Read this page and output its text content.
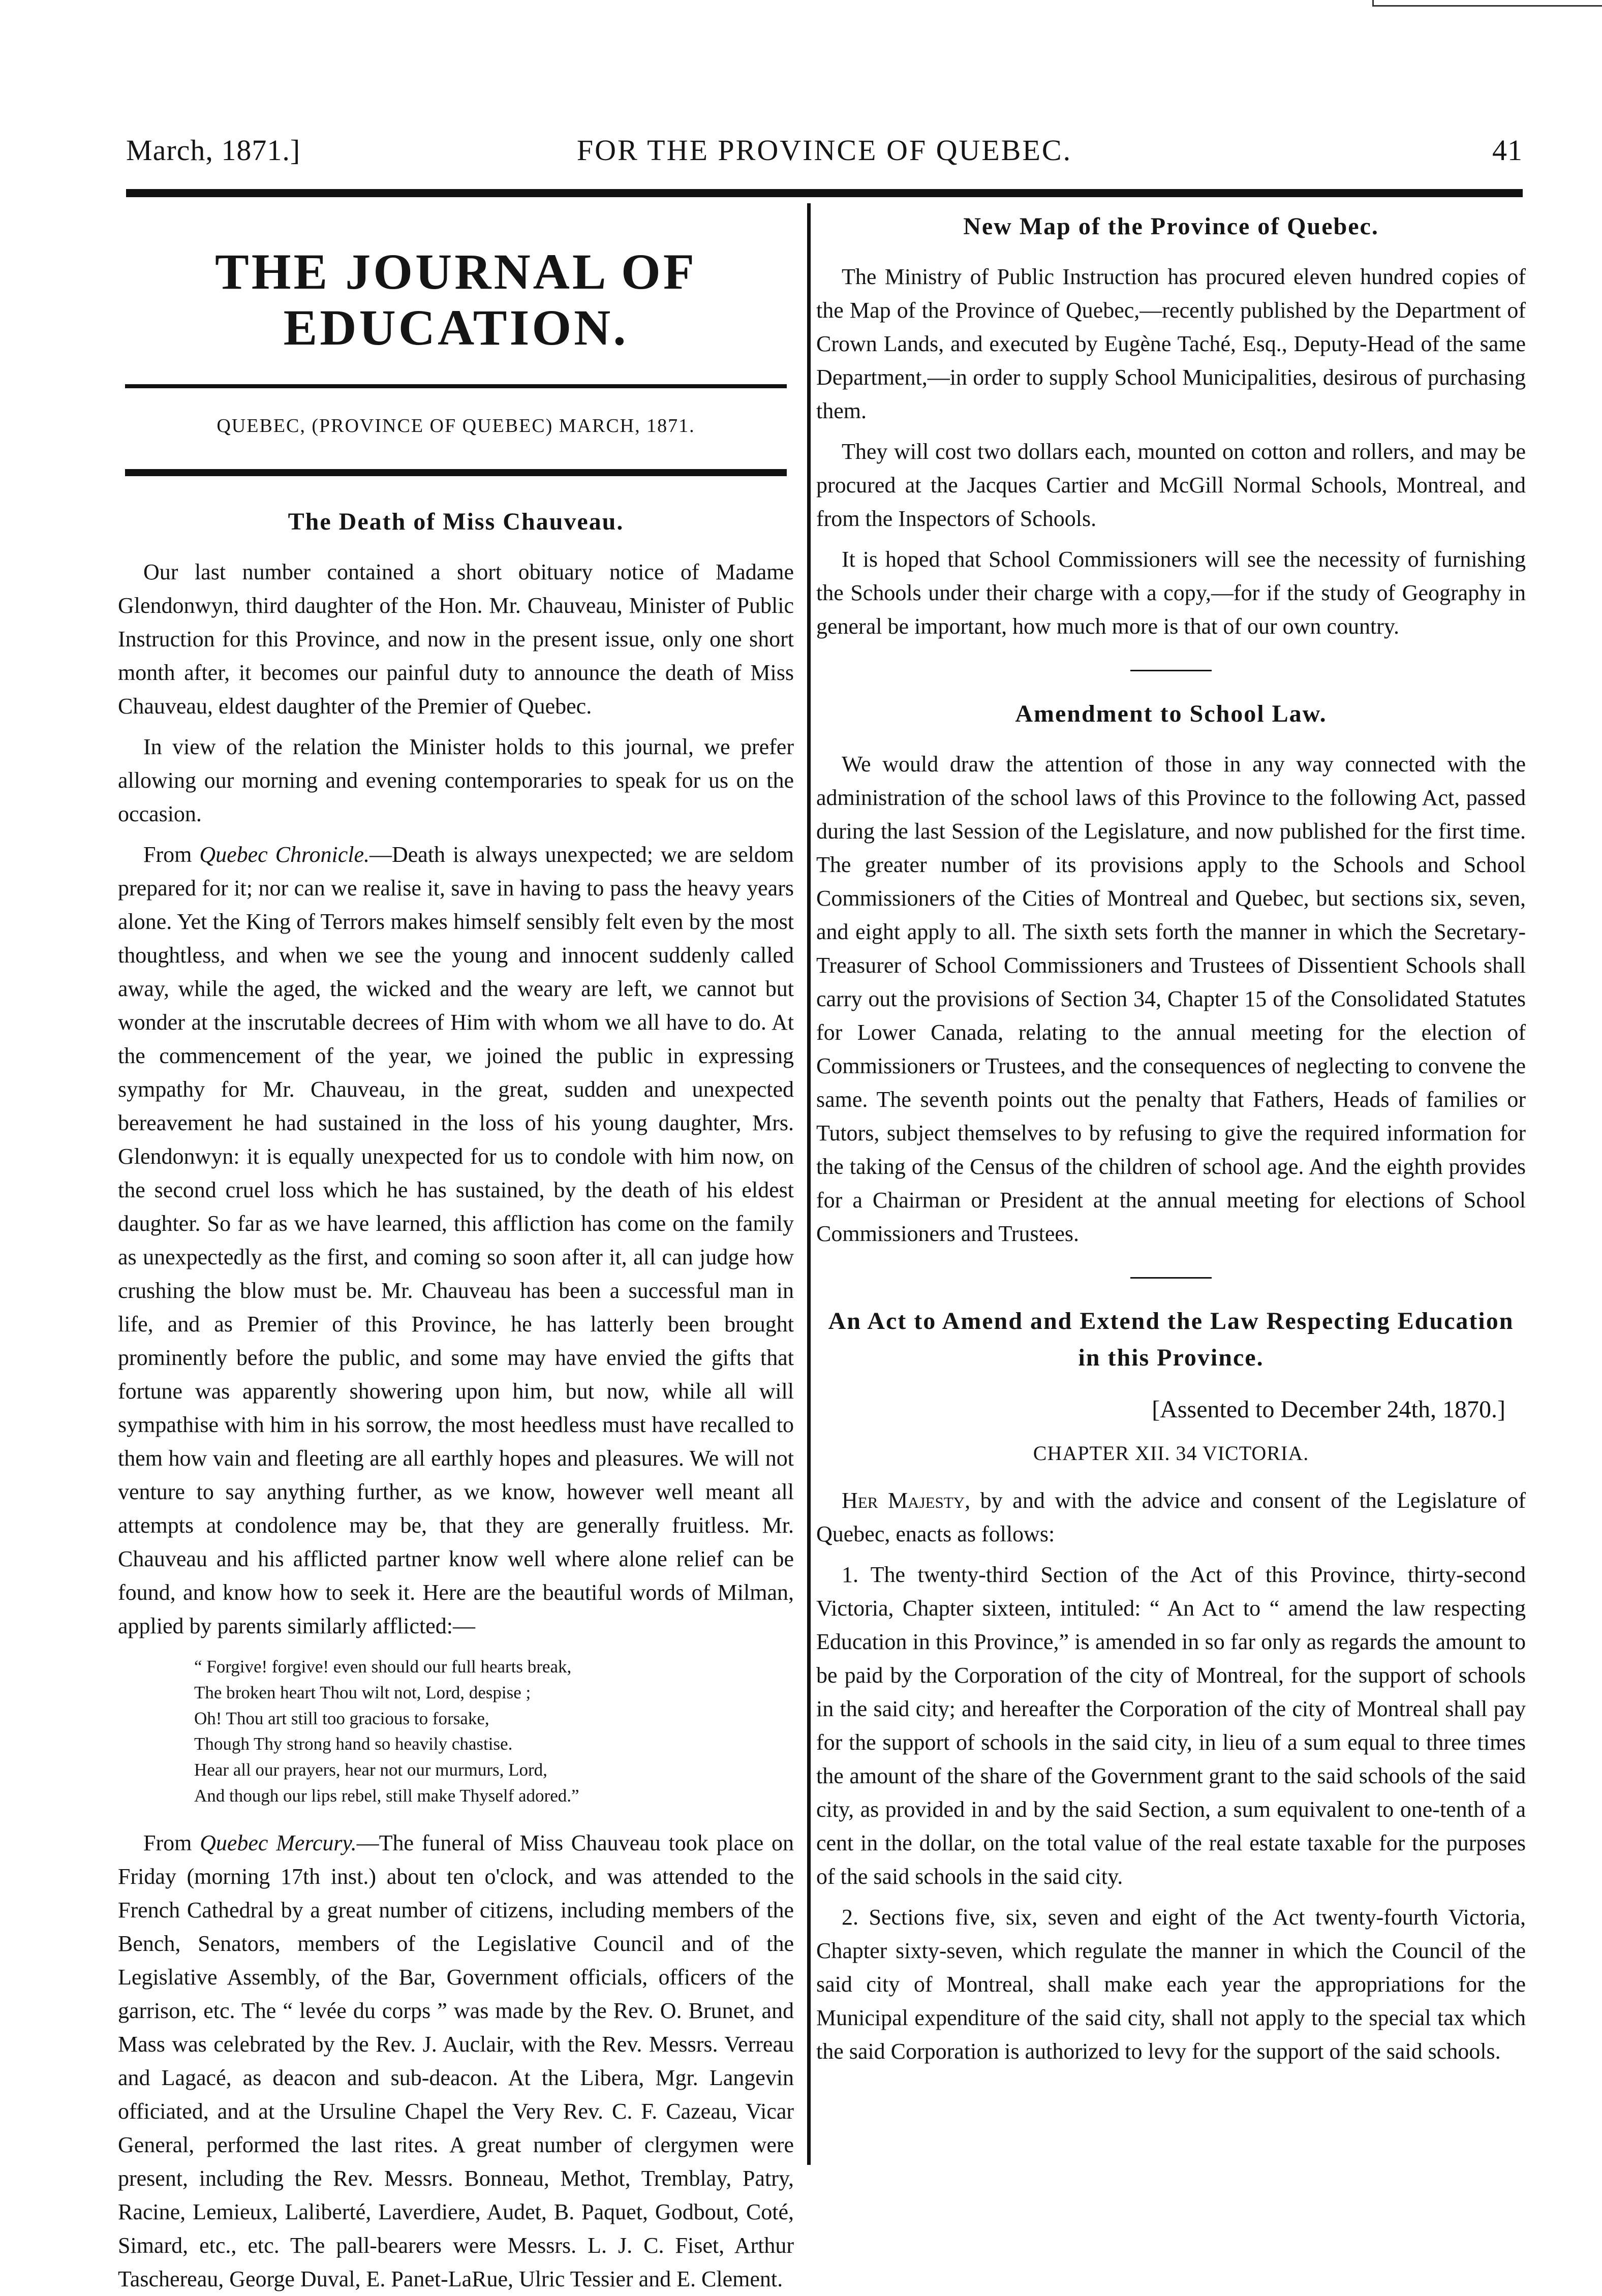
March, 1871.]	FOR THE PROVINCE OF QUEBEC.	41
THE JOURNAL OF EDUCATION.
QUEBEC, (PROVINCE OF QUEBEC) MARCH, 1871.
The Death of Miss Chauveau.

Our last number contained a short obituary notice of Madame Glendonwyn, third daughter of the Hon. Mr. Chauveau, Minister of Public Instruction for this Province, and now in the present issue, only one short month after, it becomes our painful duty to announce the death of Miss Chauveau, eldest daughter of the Premier of Quebec.

In view of the relation the Minister holds to this journal, we prefer allowing our morning and evening contemporaries to speak for us on the occasion.

From Quebec Chronicle.—Death is always unexpected; we are seldom prepared for it; nor can we realise it, save in having to pass the heavy years alone. Yet the King of Terrors makes himself sensibly felt even by the most thoughtless, and when we see the young and innocent suddenly called away, while the aged, the wicked and the weary are left, we cannot but wonder at the inscrutable decrees of Him with whom we all have to do. At the commencement of the year, we joined the public in expressing sympathy for Mr. Chauveau, in the great, sudden and unexpected bereavement he had sustained in the loss of his young daughter, Mrs. Glendonwyn: it is equally unexpected for us to condole with him now, on the second cruel loss which he has sustained, by the death of his eldest daughter. So far as we have learned, this affliction has come on the family as unexpectedly as the first, and coming so soon after it, all can judge how crushing the blow must be. Mr. Chauveau has been a successful man in life, and as Premier of this Province, he has latterly been brought prominently before the public, and some may have envied the gifts that fortune was apparently showering upon him, but now, while all will sympathise with him in his sorrow, the most heedless must have recalled to them how vain and fleeting are all earthly hopes and pleasures. We will not venture to say anything further, as we know, however well meant all attempts at condolence may be, that they are generally fruitless. Mr. Chauveau and his afflicted partner know well where alone relief can be found, and know how to seek it. Here are the beautiful words of Milman, applied by parents similarly afflicted:—

“ Forgive! forgive! even should our full hearts break,
The broken heart Thou wilt not, Lord, despise ;
Oh! Thou art still too gracious to forsake,
Though Thy strong hand so heavily chastise.
Hear all our prayers, hear not our murmurs, Lord,
And though our lips rebel, still make Thyself adored.”

From Quebec Mercury.—The funeral of Miss Chauveau took place on Friday (morning 17th inst.) about ten o'clock, and was attended to the French Cathedral by a great number of citizens, including members of the Bench, Senators, members of the Legislative Council and of the Legislative Assembly, of the Bar, Government officials, officers of the garrison, etc. The “ levée du corps ” was made by the Rev. O. Brunet, and Mass was celebrated by the Rev. J. Auclair, with the Rev. Messrs. Verreau and Lagacé, as deacon and sub-deacon. At the Libera, Mgr. Langevin officiated, and at the Ursuline Chapel the Very Rev. C. F. Cazeau, Vicar General, performed the last rites. A great number of clergymen were present, including the Rev. Messrs. Bonneau, Methot, Tremblay, Patry, Racine, Lemieux, Laliberté, Laverdiere, Audet, B. Paquet, Godbout, Coté, Simard, etc., etc. The pall-bearers were Messrs. L. J. C. Fiset, Arthur Taschereau, George Duval, E. Panet-LaRue, Ulric Tessier and E. Clement.

New Map of the Province of Quebec.

The Ministry of Public Instruction has procured eleven hundred copies of the Map of the Province of Quebec,—recently published by the Department of Crown Lands, and executed by Eugène Taché, Esq., Deputy-Head of the same Department,—in order to supply School Municipalities, desirous of purchasing them.

They will cost two dollars each, mounted on cotton and rollers, and may be procured at the Jacques Cartier and McGill Normal Schools, Montreal, and from the Inspectors of Schools.

It is hoped that School Commissioners will see the necessity of furnishing the Schools under their charge with a copy,—for if the study of Geography in general be important, how much more is that of our own country.

Amendment to School Law.

We would draw the attention of those in any way connected with the administration of the school laws of this Province to the following Act, passed during the last Session of the Legislature, and now published for the first time. The greater number of its provisions apply to the Schools and School Commissioners of the Cities of Montreal and Quebec, but sections six, seven, and eight apply to all. The sixth sets forth the manner in which the Secretary-Treasurer of School Commissioners and Trustees of Dissentient Schools shall carry out the provisions of Section 34, Chapter 15 of the Consolidated Statutes for Lower Canada, relating to the annual meeting for the election of Commissioners or Trustees, and the consequences of neglecting to convene the same. The seventh points out the penalty that Fathers, Heads of families or Tutors, subject themselves to by refusing to give the required information for the taking of the Census of the children of school age. And the eighth provides for a Chairman or President at the annual meeting for elections of School Commissioners and Trustees.

An Act to Amend and Extend the Law Respecting Education in this Province.
[Assented to December 24th, 1870.]
CHAPTER XII. 34 VICTORIA.

Her Majesty, by and with the advice and consent of the Legislature of Quebec, enacts as follows:

1. The twenty-third Section of the Act of this Province, thirty-second Victoria, Chapter sixteen, intituled: “ An Act to “ amend the law respecting Education in this Province,” is amended in so far only as regards the amount to be paid by the Corporation of the city of Montreal, for the support of schools in the said city; and hereafter the Corporation of the city of Montreal shall pay for the support of schools in the said city, in lieu of a sum equal to three times the amount of the share of the Government grant to the said schools of the said city, as provided in and by the said Section, a sum equivalent to one-tenth of a cent in the dollar, on the total value of the real estate taxable for the purposes of the said schools in the said city.

2. Sections five, six, seven and eight of the Act twenty-fourth Victoria, Chapter sixty-seven, which regulate the manner in which the Council of the said city of Montreal, shall make each year the appropriations for the Municipal expenditure of the said city, shall not apply to the special tax which the said Corporation is authorized to levy for the support of the said schools.
